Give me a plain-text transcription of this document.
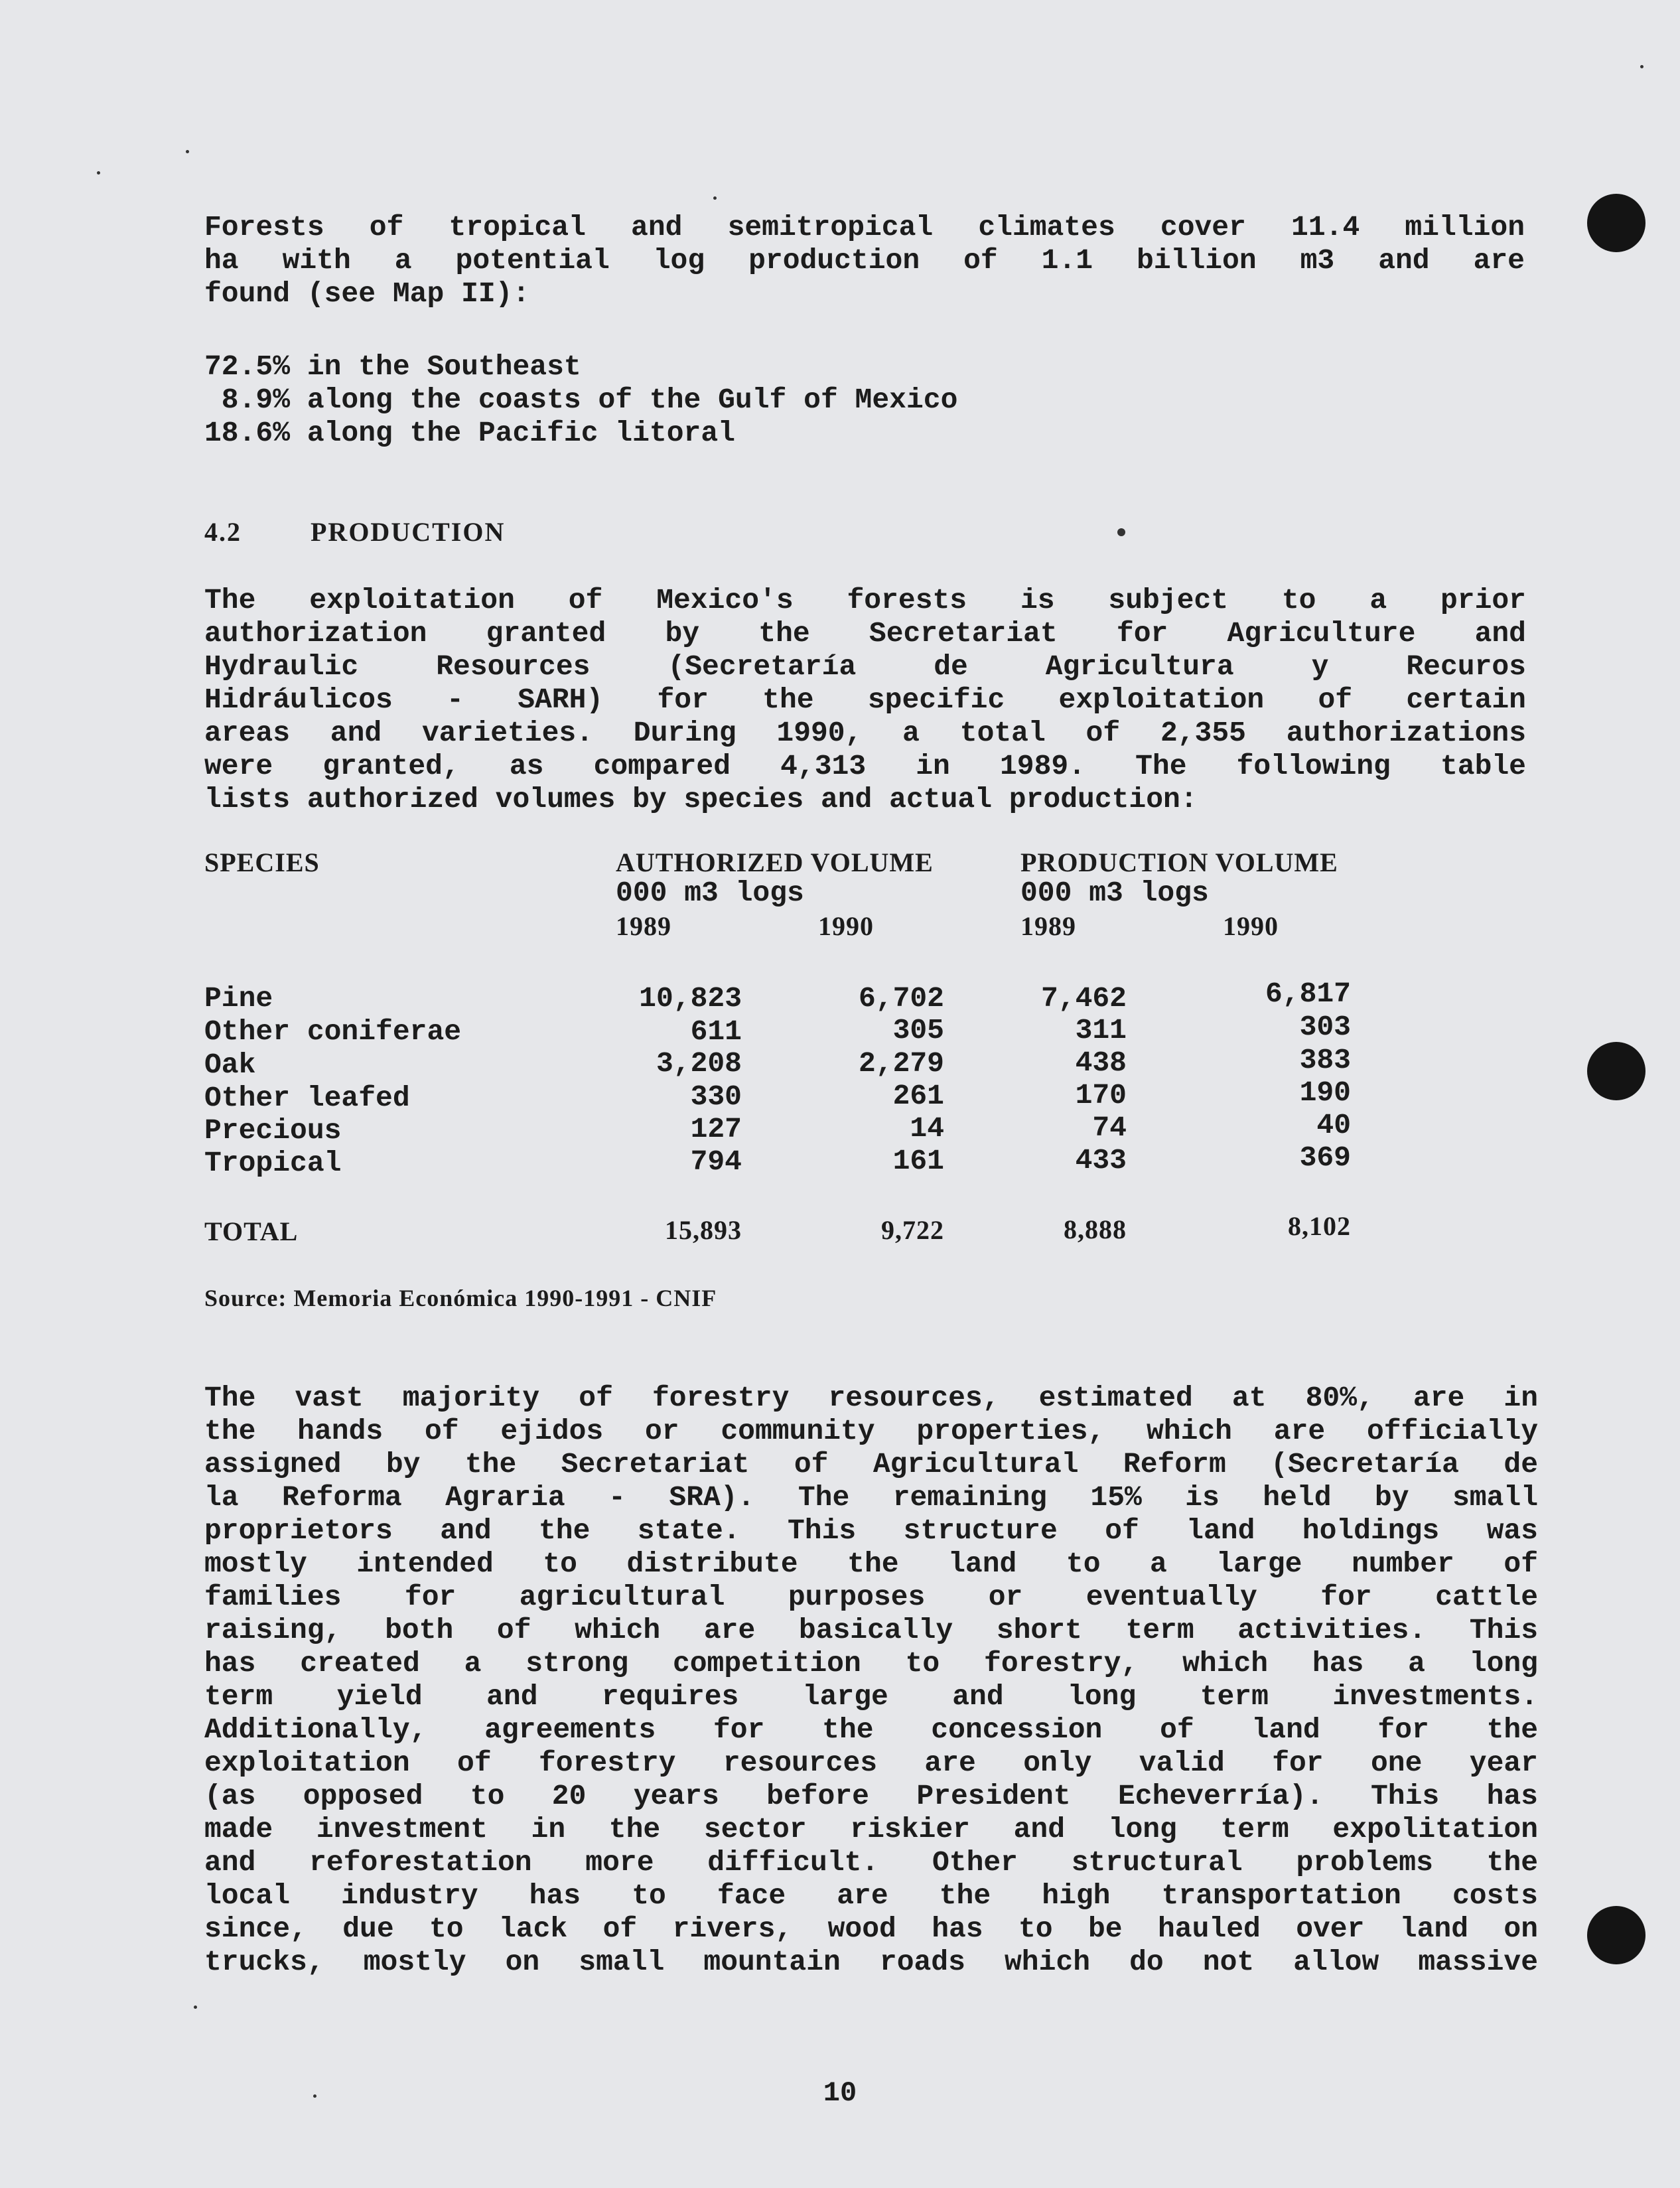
Forests of tropical and semitropical climates cover 11.4 million
ha with a potential log production of 1.1 billion m3 and are
found (see Map II):
72.5% in the Southeast
8.9% along the coasts of the Gulf of Mexico
18.6% along the Pacific litoral
4.2	PRODUCTION
The exploitation of Mexico's forests is subject to a prior
authorization granted by the Secretariat for Agriculture and
Hydraulic Resources (Secretaría de Agricultura y Recuros
Hidráulicos - SARH) for the specific exploitation of certain
areas and varieties. During 1990, a total of 2,355 authorizations
were granted, as compared 4,313 in 1989. The following table
lists authorized volumes by species and actual production:
SPECIES	AUTHORIZED VOLUME	PRODUCTION VOLUME
000 m3 logs	000 m3 logs
1989	1990	1989	1990
Pine	10,823	6,702	7,462	6,817
Other coniferae	611	305	311	303
Oak	3,208	2,279	438	383
Other leafed	330	261	170	190
Precious	127	14	74	40
Tropical	794	161	433	369
TOTAL	15,893	9,722	8,888	8,102
Source: Memoria Económica 1990-1991 - CNIF
The vast majority of forestry resources, estimated at 80%, are in
the hands of ejidos or community properties, which are officially
assigned by the Secretariat of Agricultural Reform (Secretaría de
la Reforma Agraria - SRA). The remaining 15% is held by small
proprietors and the state. This structure of land holdings was
mostly intended to distribute the land to a large number of
families for agricultural purposes or eventually for cattle
raising, both of which are basically short term activities. This
has created a strong competition to forestry, which has a long
term yield and requires large and long term investments.
Additionally, agreements for the concession of land for the
exploitation of forestry resources are only valid for one year
(as opposed to 20 years before President Echeverría). This has
made investment in the sector riskier and long term expolitation
and reforestation more difficult. Other structural problems the
local industry has to face are the high transportation costs
since, due to lack of rivers, wood has to be hauled over land on
trucks, mostly on small mountain roads which do not allow massive
10
